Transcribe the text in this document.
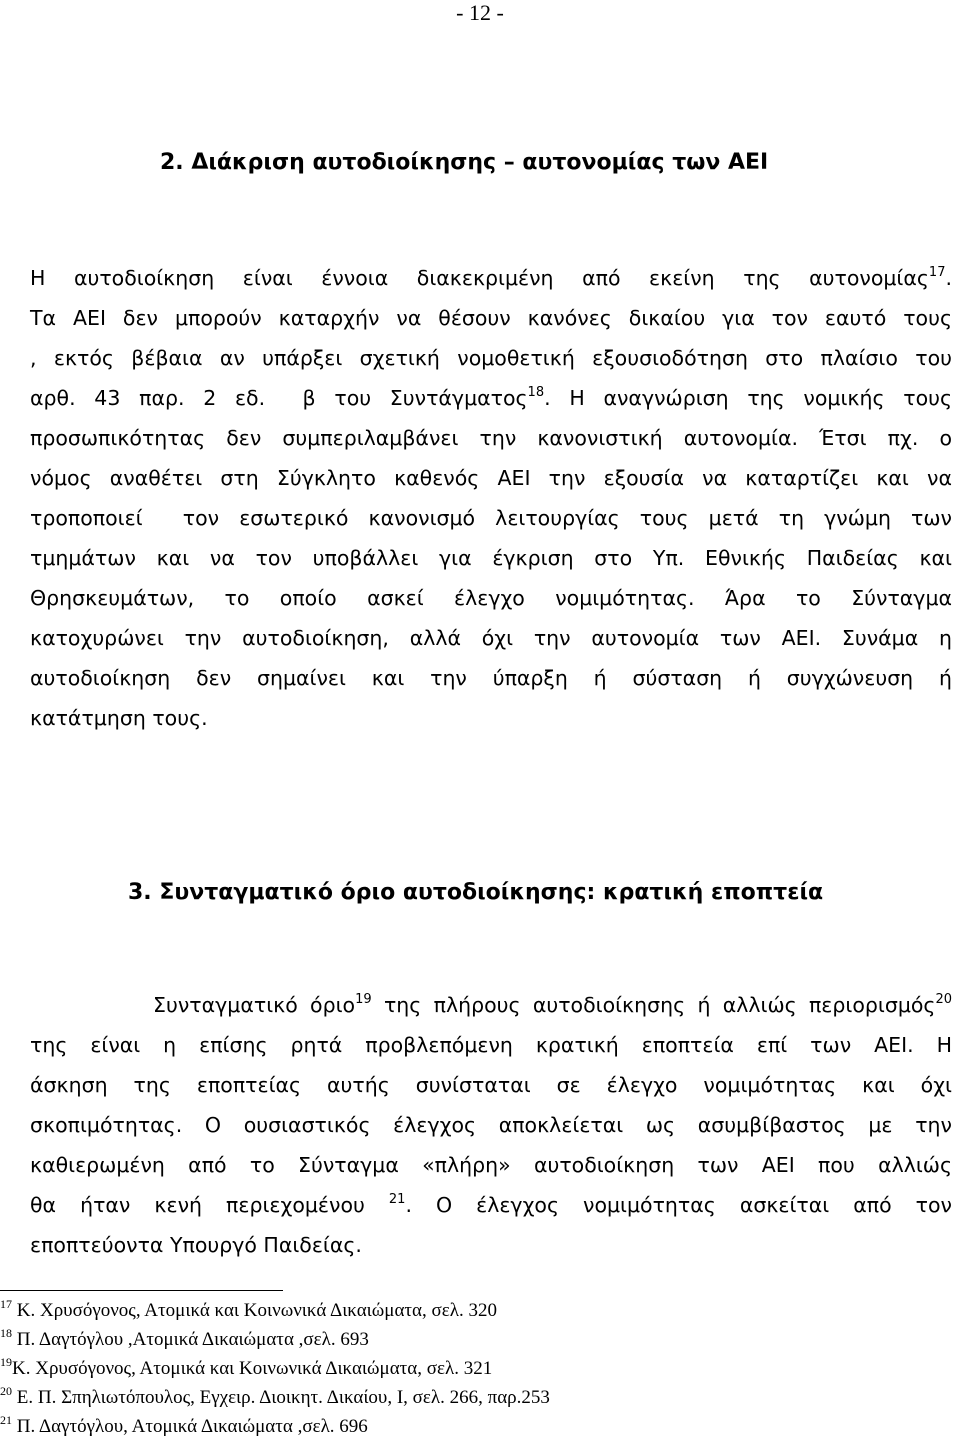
- 12 -
2. Διάκριση αυτοδιοίκησης – αυτονομίας των ΑΕΙ
Η αυτοδιοίκηση είναι έννοια διακεκριμένη από εκείνη της αυτονομίας$^{17}$.
Τα ΑΕΙ δεν μπορούν καταρχήν να θέσουν κανόνες δικαίου για τον εαυτό τους
, εκτός βέβαια αν υπάρξει σχετική νομοθετική εξουσιοδότηση στο πλαίσιο του
αρθ. 43 παρ. 2 εδ.  β του Συντάγματος$^{18}$. Η αναγνώριση της νομικής τους
προσωπικότητας δεν συμπεριλαμβάνει την κανονιστική αυτονομία. Έτσι πχ. ο
νόμος αναθέτει στη Σύγκλητο καθενός ΑΕΙ την εξουσία να καταρτίζει και να
τροποποιεί  τον εσωτερικό κανονισμό λειτουργίας τους μετά τη γνώμη των
τμημάτων και να τον υποβάλλει για έγκριση στο Υπ. Εθνικής Παιδείας και
Θρησκευμάτων, το οποίο ασκεί έλεγχο νομιμότητας. Άρα το Σύνταγμα
κατοχυρώνει την αυτοδιοίκηση, αλλά όχι την αυτονομία των ΑΕΙ. Συνάμα η
αυτοδιοίκηση δεν σημαίνει και την ύπαρξη ή σύσταση ή συγχώνευση ή
κατάτμηση τους.
3. Συνταγματικό όριο αυτοδιοίκησης: κρατική εποπτεία
Συνταγματικό όριο$^{19}$ της πλήρους αυτοδιοίκησης ή αλλιώς περιορισμός$^{20}$
της είναι η επίσης ρητά προβλεπόμενη κρατική εποπτεία επί των ΑΕΙ. Η
άσκηση της εποπτείας αυτής συνίσταται σε έλεγχο νομιμότητας και όχι
σκοπιμότητας. Ο ουσιαστικός έλεγχος αποκλείεται ως ασυμβίβαστος με την
καθιερωμένη από το Σύνταγμα «πλήρη» αυτοδιοίκηση των ΑΕΙ που αλλιώς
θα ήταν κενή περιεχομένου $^{21}$. Ο έλεγχος νομιμότητας ασκείται από τον
εποπτεύοντα Υπουργό Παιδείας.
$^{17}$ Κ. Χρυσόγονος, Ατομικά και Κοινωνικά Δικαιώματα, σελ. 320
$^{18}$ Π. Δαγτόγλου ,Ατομικά Δικαιώματα ,σελ. 693
$^{19}$Κ. Χρυσόγονος, Ατομικά και Κοινωνικά Δικαιώματα, σελ. 321
$^{20}$ Ε. Π. Σπηλιωτόπουλος, Εγχειρ. Διοικητ. Δικαίου, Ι, σελ. 266, παρ.253
$^{21}$ Π. Δαγτόγλου, Ατομικά Δικαιώματα ,σελ. 696
